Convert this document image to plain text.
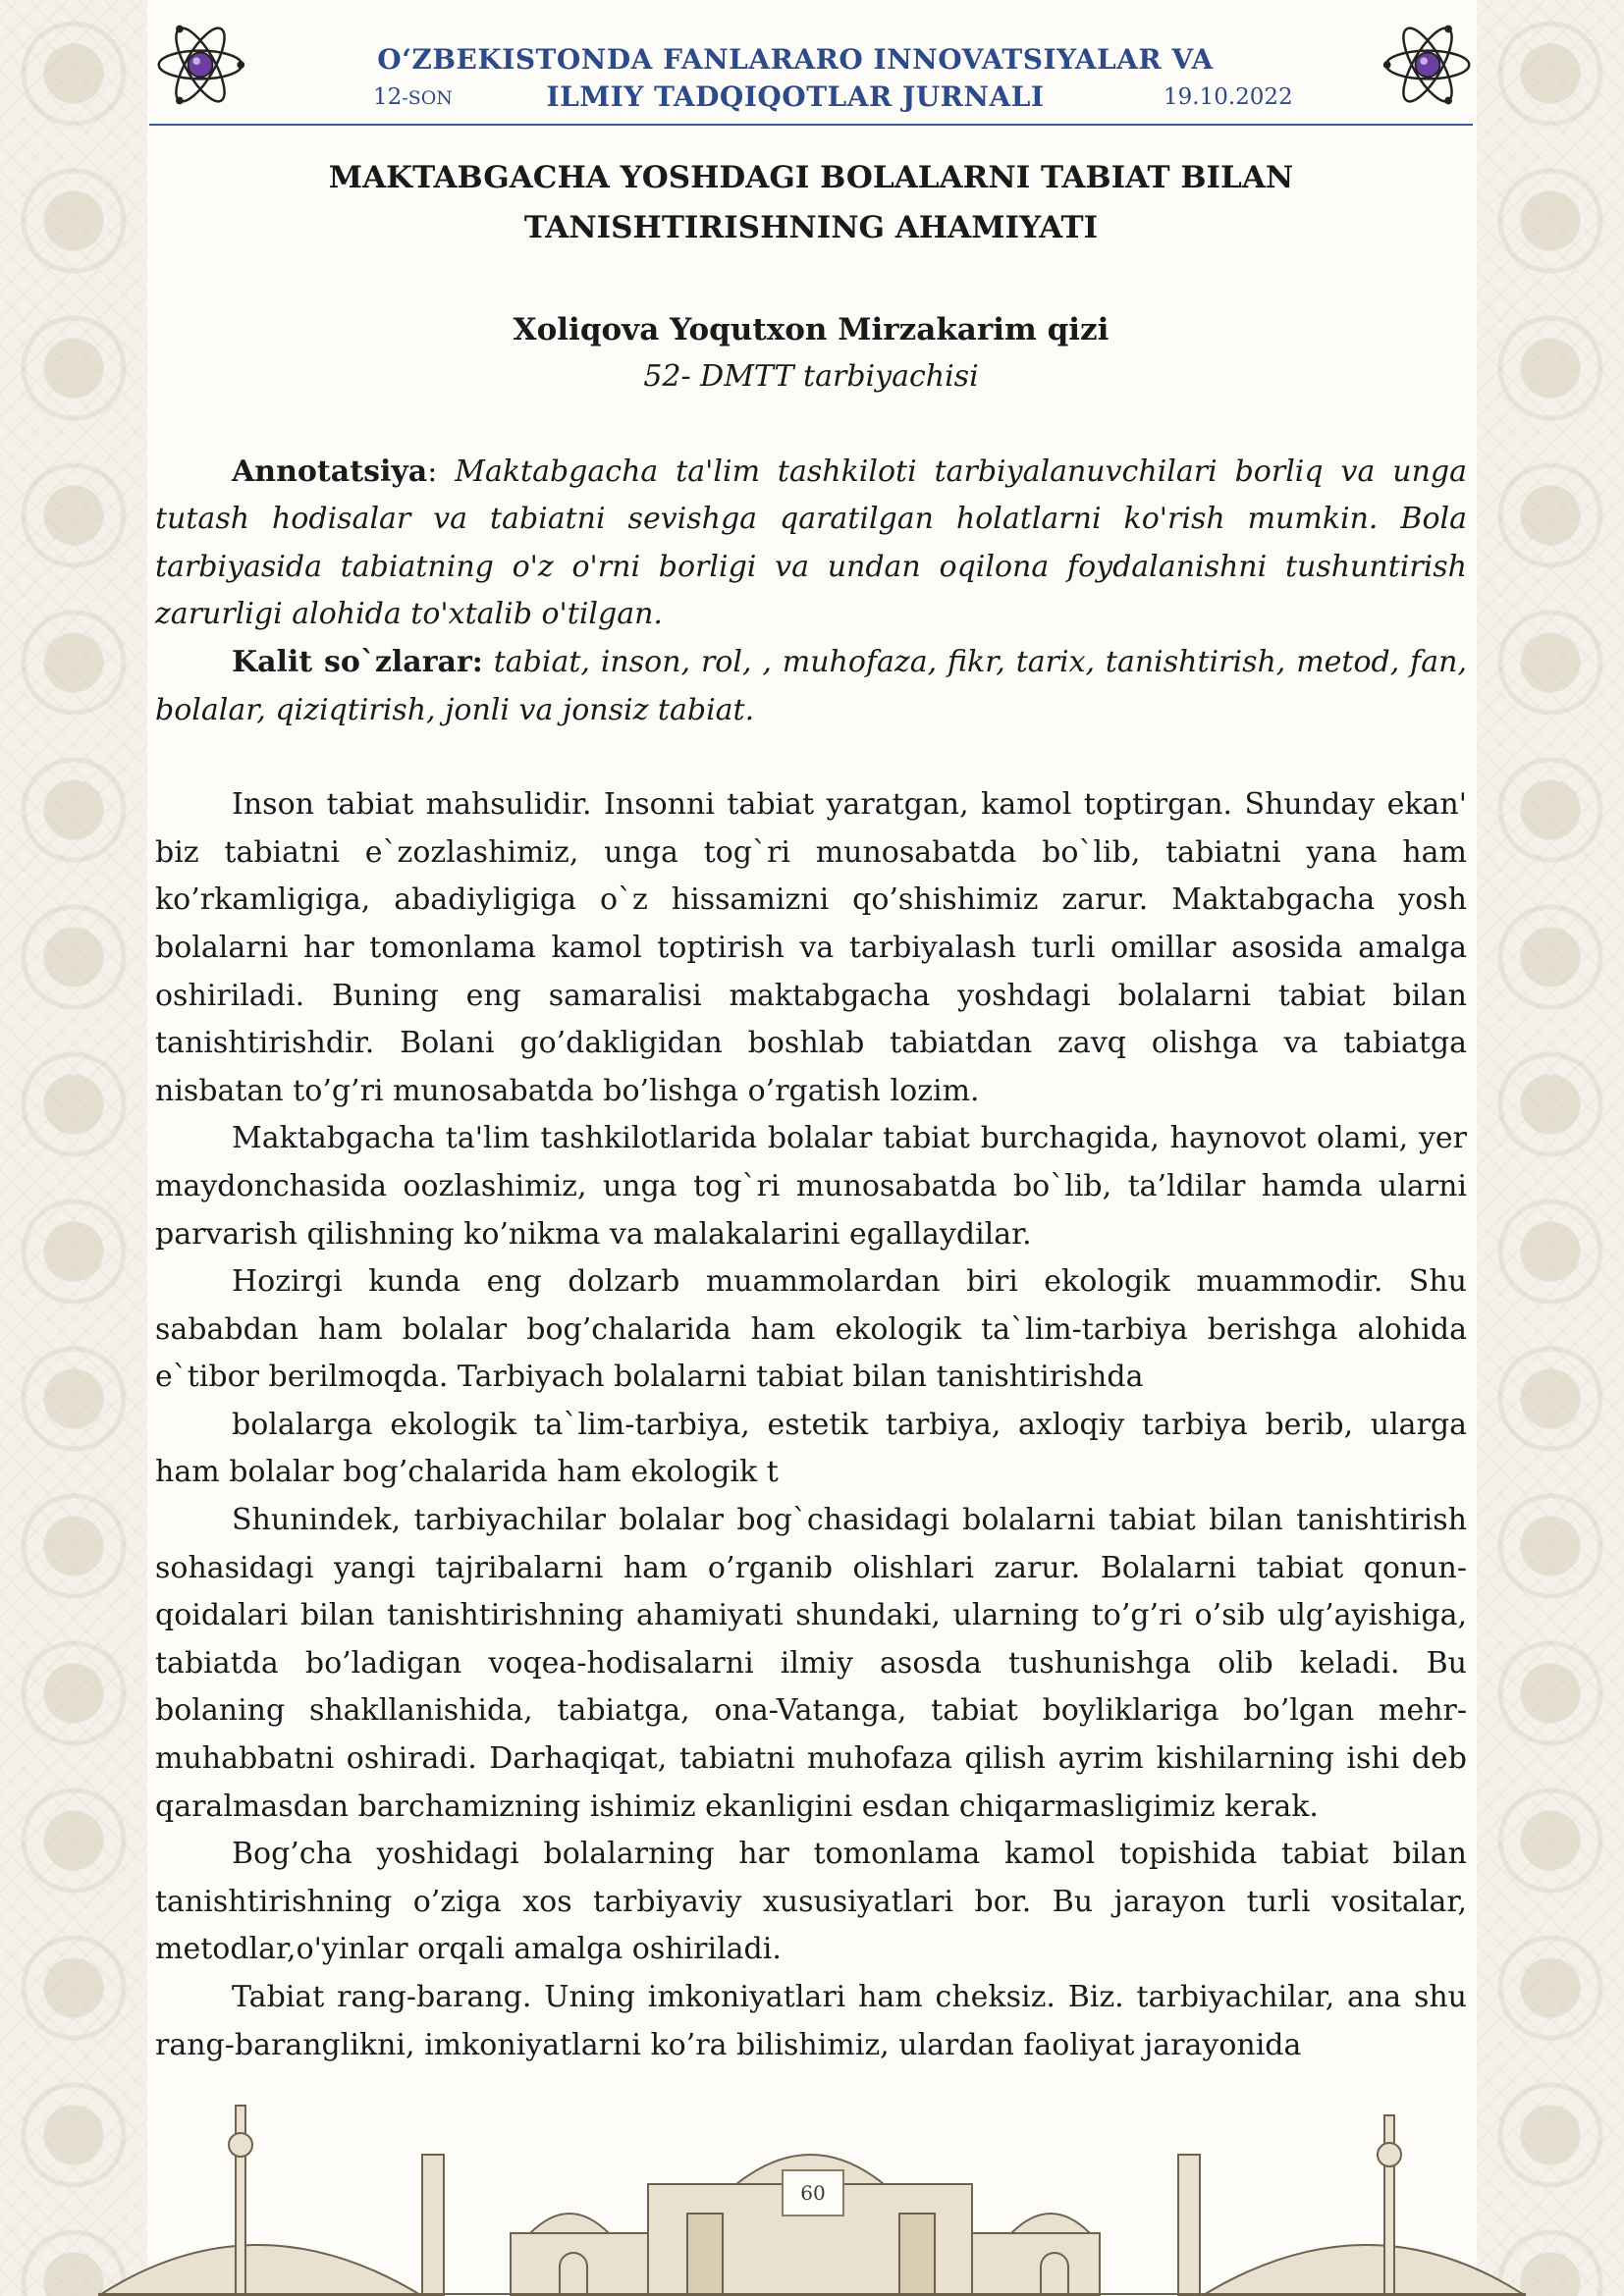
O‘ZBEKISTONDA FANLARARO INNOVATSIYALAR VA
ILMIY TADQIQOTLAR JURNALI
12-SON	19.10.2022
MAKTABGACHA YOSHDAGI BOLALARNI TABIAT BILAN
TANISHTIRISHNING AHAMIYATI

Xoliqova Yoqutxon Mirzakarim qizi

52- DMTT tarbiyachisi

Annotatsiya: Maktabgacha ta'lim tashkiloti tarbiyalanuvchilari borliq va unga tutash hodisalar va tabiatni sevishga qaratilgan holatlarni ko'rish mumkin. Bola tarbiyasida tabiatning o'z o'rni borligi va undan oqilona foydalanishni tushuntirish zarurligi alohida to'xtalib o'tilgan.

Kalit so`zlarar: tabiat, inson, rol, , muhofaza, fikr, tarix, tanishtirish, metod, fan, bolalar, qiziqtirish, jonli va jonsiz tabiat.

Inson tabiat mahsulidir. Insonni tabiat yaratgan, kamol toptirgan. Shunday ekan' biz tabiatni e`zozlashimiz, unga tog`ri munosabatda bo`lib, tabiatni yana ham ko’rkamligiga, abadiyligiga o`z hissamizni qo’shishimiz zarur. Maktabgacha yosh bolalarni har tomonlama kamol toptirish va tarbiyalash turli omillar asosida amalga oshiriladi. Buning eng samaralisi maktabgacha yoshdagi bolalarni tabiat bilan tanishtirishdir. Bolani go’dakligidan boshlab tabiatdan zavq olishga va tabiatga nisbatan to’g’ri munosabatda bo’lishga o’rgatish lozim.

Maktabgacha ta'lim tashkilotlarida bolalar tabiat burchagida, haynovot olami, yer maydonchasida oozlashimiz, unga tog`ri munosabatda bo`lib, ta’ldilar hamda ularni parvarish qilishning ko’nikma va malakalarini egallaydilar.

Hozirgi kunda eng dolzarb muammolardan biri ekologik muammodir. Shu sababdan ham bolalar bog’chalarida ham ekologik ta`lim-tarbiya berishga alohida e`tibor berilmoqda. Tarbiyach bolalarni tabiat bilan tanishtirishda

bolalarga ekologik ta`lim-tarbiya, estetik tarbiya, axloqiy tarbiya berib, ularga ham bolalar bog’chalarida ham ekologik t

Shunindek, tarbiyachilar bolalar bog`chasidagi bolalarni tabiat bilan tanishtirish sohasidagi yangi tajribalarni ham o’rganib olishlari zarur. Bolalarni tabiat qonun-qoidalari bilan tanishtirishning ahamiyati shundaki, ularning to’g’ri o’sib ulg’ayishiga, tabiatda bo’ladigan voqea-hodisalarni ilmiy asosda tushunishga olib keladi. Bu bolaning shakllanishida, tabiatga, ona-Vatanga, tabiat boyliklariga bo’lgan mehr-muhabbatni oshiradi. Darhaqiqat, tabiatni muhofaza qilish ayrim kishilarning ishi deb qaralmasdan barchamizning ishimiz ekanligini esdan chiqarmasligimiz kerak.

Bog’cha yoshidagi bolalarning har tomonlama kamol topishida tabiat bilan tanishtirishning o’ziga xos tarbiyaviy xususiyatlari bor. Bu jarayon turli vositalar, metodlar,o'yinlar orqali amalga oshiriladi.

Tabiat rang-barang. Uning imkoniyatlari ham cheksiz. Biz. tarbiyachilar, ana shu rang-baranglikni, imkoniyatlarni ko’ra bilishimiz, ulardan faoliyat jarayonida

60
